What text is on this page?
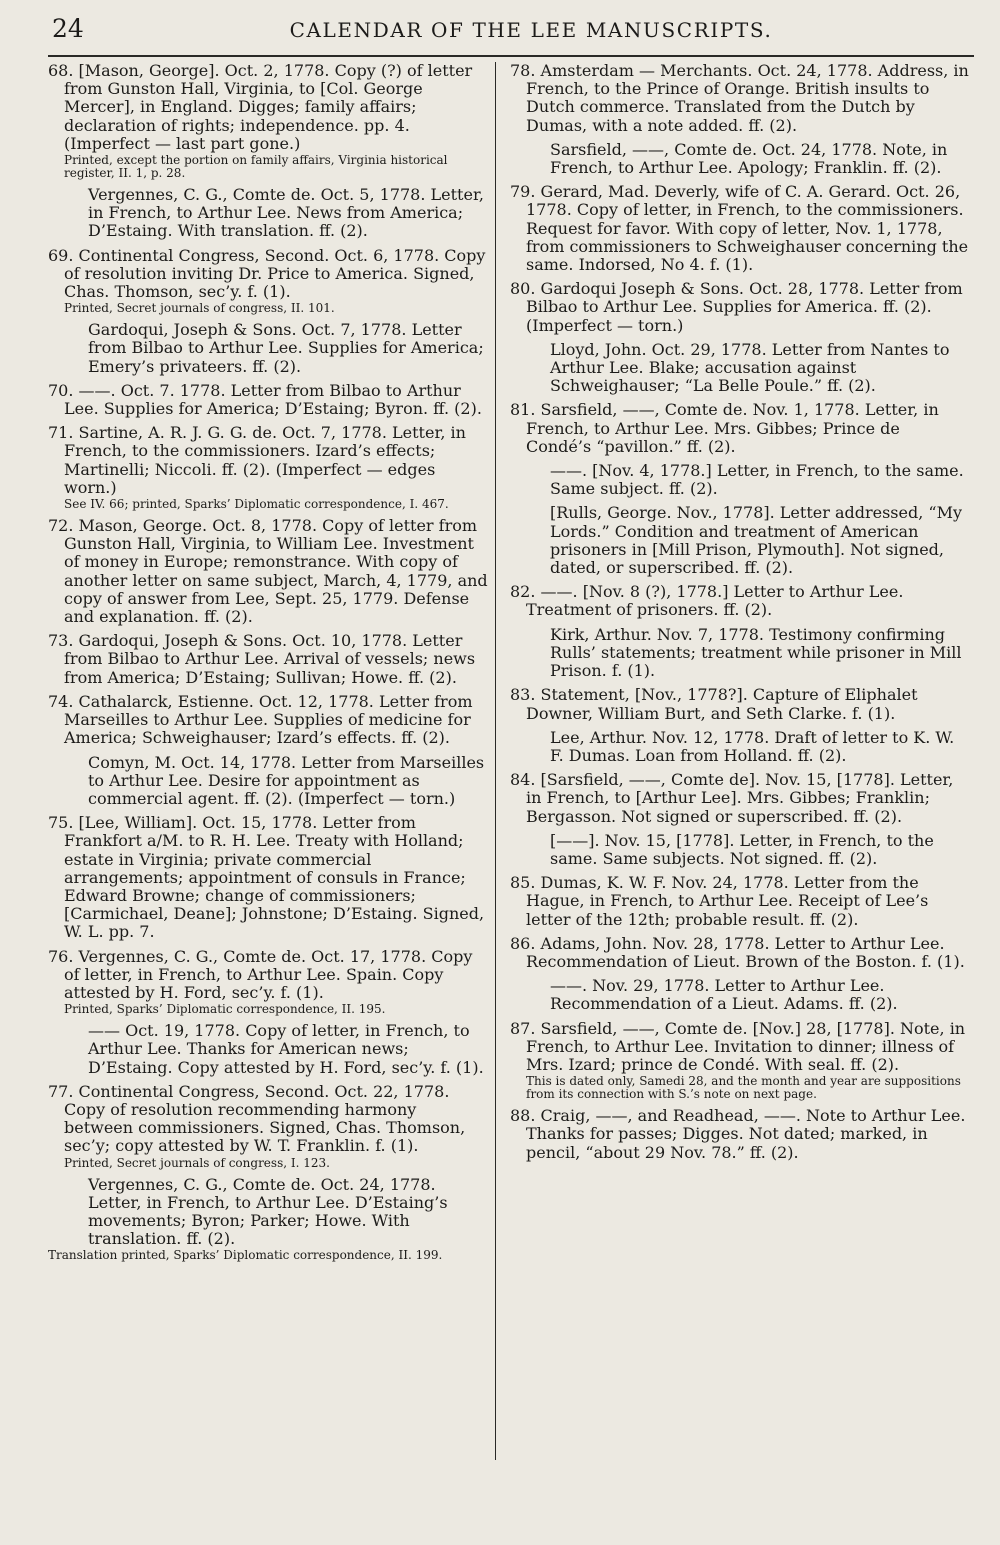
24	CALENDAR OF THE LEE MANUSCRIPTS.

68. [Mason, George]. Oct. 2, 1778. Copy (?) of letter from Gunston Hall, Virginia, to [Col. George Mercer], in England. Digges; family affairs; declaration of rights; independence. pp. 4. (Imperfect — last part gone.)

Printed, except the portion on family affairs, Virginia historical register, II. 1, p. 28.

Vergennes, C. G., Comte de. Oct. 5, 1778. Letter, in French, to Arthur Lee. News from America; D’Estaing. With translation. ff. (2).

69. Continental Congress, Second. Oct. 6, 1778. Copy of resolution inviting Dr. Price to America. Signed, Chas. Thomson, sec’y. f. (1).

Printed, Secret journals of congress, II. 101.

Gardoqui, Joseph & Sons. Oct. 7, 1778. Letter from Bilbao to Arthur Lee. Supplies for America; Emery’s privateers. ff. (2).

70. ——. Oct. 7. 1778. Letter from Bilbao to Arthur Lee. Supplies for America; D’Estaing; Byron. ff. (2).

71. Sartine, A. R. J. G. G. de. Oct. 7, 1778. Letter, in French, to the commissioners. Izard’s effects; Martinelli; Niccoli. ff. (2). (Imperfect — edges worn.)

See IV. 66; printed, Sparks’ Diplomatic correspondence, I. 467.

72. Mason, George. Oct. 8, 1778. Copy of letter from Gunston Hall, Virginia, to William Lee. Investment of money in Europe; remonstrance. With copy of another letter on same subject, March, 4, 1779, and copy of answer from Lee, Sept. 25, 1779. Defense and explanation. ff. (2).

73. Gardoqui, Joseph & Sons. Oct. 10, 1778. Letter from Bilbao to Arthur Lee. Arrival of vessels; news from America; D’Estaing; Sullivan; Howe. ff. (2).

74. Cathalarck, Estienne. Oct. 12, 1778. Letter from Marseilles to Arthur Lee. Supplies of medicine for America; Schweighauser; Izard’s effects. ff. (2).

Comyn, M. Oct. 14, 1778. Letter from Marseilles to Arthur Lee. Desire for appointment as commercial agent. ff. (2). (Imperfect — torn.)

75. [Lee, William]. Oct. 15, 1778. Letter from Frankfort a/M. to R. H. Lee. Treaty with Holland; estate in Virginia; private commercial arrangements; appointment of consuls in France; Edward Browne; change of commissioners; [Carmichael, Deane]; Johnstone; D’Estaing. Signed, W. L. pp. 7.

76. Vergennes, C. G., Comte de. Oct. 17, 1778. Copy of letter, in French, to Arthur Lee. Spain. Copy attested by H. Ford, sec’y. f. (1).

Printed, Sparks’ Diplomatic correspondence, II. 195.

—— Oct. 19, 1778. Copy of letter, in French, to Arthur Lee. Thanks for American news; D’Estaing. Copy attested by H. Ford, sec’y. f. (1).

77. Continental Congress, Second. Oct. 22, 1778. Copy of resolution recommending harmony between commissioners. Signed, Chas. Thomson, sec’y; copy attested by W. T. Franklin. f. (1).

Printed, Secret journals of congress, I. 123.

Vergennes, C. G., Comte de. Oct. 24, 1778. Letter, in French, to Arthur Lee. D’Estaing’s movements; Byron; Parker; Howe. With translation. ff. (2).

Translation printed, Sparks’ Diplomatic correspondence, II. 199.

78. Amsterdam — Merchants. Oct. 24, 1778. Address, in French, to the Prince of Orange. British insults to Dutch commerce. Translated from the Dutch by Dumas, with a note added. ff. (2).

Sarsfield, ——, Comte de. Oct. 24, 1778. Note, in French, to Arthur Lee. Apology; Franklin. ff. (2).

79. Gerard, Mad. Deverly, wife of C. A. Gerard. Oct. 26, 1778. Copy of letter, in French, to the commissioners. Request for favor. With copy of letter, Nov. 1, 1778, from commissioners to Schweighauser concerning the same. Indorsed, No 4. f. (1).

80. Gardoqui Joseph & Sons. Oct. 28, 1778. Letter from Bilbao to Arthur Lee. Supplies for America. ff. (2). (Imperfect — torn.)

Lloyd, John. Oct. 29, 1778. Letter from Nantes to Arthur Lee. Blake; accusation against Schweighauser; “La Belle Poule.” ff. (2).

81. Sarsfield, ——, Comte de. Nov. 1, 1778. Letter, in French, to Arthur Lee. Mrs. Gibbes; Prince de Condé’s “pavillon.” ff. (2).

——. [Nov. 4, 1778.] Letter, in French, to the same. Same subject. ff. (2).

[Rulls, George. Nov., 1778]. Letter addressed, “My Lords.” Condition and treatment of American prisoners in [Mill Prison, Plymouth]. Not signed, dated, or superscribed. ff. (2).

82. ——. [Nov. 8 (?), 1778.] Letter to Arthur Lee. Treatment of prisoners. ff. (2).

Kirk, Arthur. Nov. 7, 1778. Testimony confirming Rulls’ statements; treatment while prisoner in Mill Prison. f. (1).

83. Statement, [Nov., 1778?]. Capture of Eliphalet Downer, William Burt, and Seth Clarke. f. (1).

Lee, Arthur. Nov. 12, 1778. Draft of letter to K. W. F. Dumas. Loan from Holland. ff. (2).

84. [Sarsfield, ——, Comte de]. Nov. 15, [1778]. Letter, in French, to [Arthur Lee]. Mrs. Gibbes; Franklin; Bergasson. Not signed or superscribed. ff. (2).

[——]. Nov. 15, [1778]. Letter, in French, to the same. Same subjects. Not signed. ff. (2).

85. Dumas, K. W. F. Nov. 24, 1778. Letter from the Hague, in French, to Arthur Lee. Receipt of Lee’s letter of the 12th; probable result. ff. (2).

86. Adams, John. Nov. 28, 1778. Letter to Arthur Lee. Recommendation of Lieut. Brown of the Boston. f. (1).

——. Nov. 29, 1778. Letter to Arthur Lee. Recommendation of a Lieut. Adams. ff. (2).

87. Sarsfield, ——, Comte de. [Nov.] 28, [1778]. Note, in French, to Arthur Lee. Invitation to dinner; illness of Mrs. Izard; prince de Condé. With seal. ff. (2).

This is dated only, Samedi 28, and the month and year are suppositions from its connection with S.’s note on next page.

88. Craig, ——, and Readhead, ——. Note to Arthur Lee. Thanks for passes; Digges. Not dated; marked, in pencil, “about 29 Nov. 78.” ff. (2).
